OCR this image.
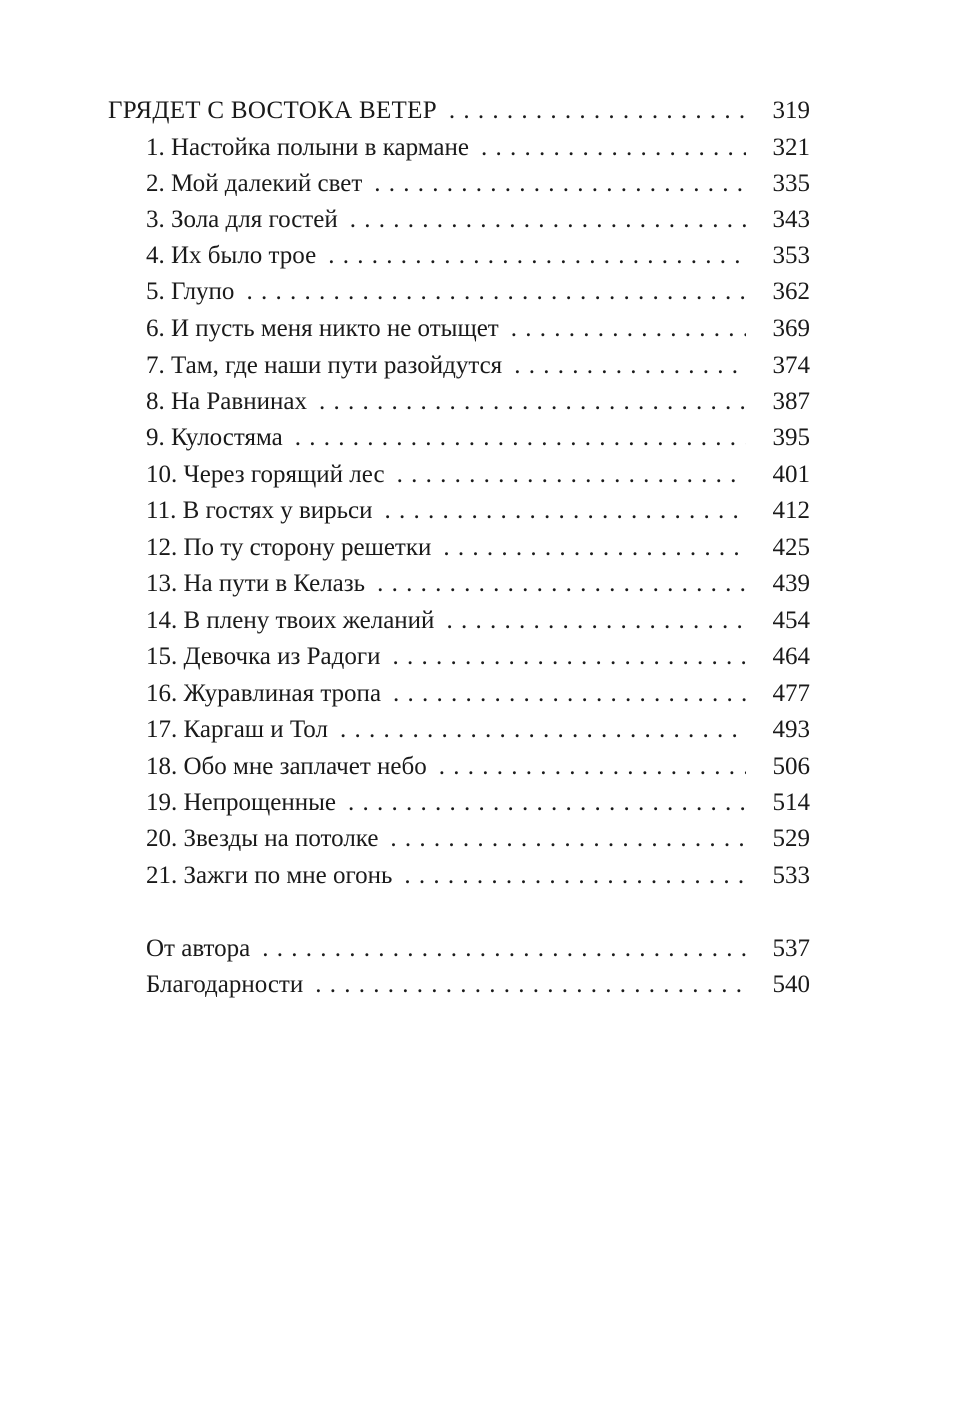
ГРЯДЕТ С ВОСТОКА ВЕТЕР . . .	319
1. Настойка полыни в кармане . . .	321
2. Мой далекий свет . . .	335
3. Зола для гостей . . .	343
4. Их было трое . . .	353
5. Глупо . . .	362
6. И пусть меня никто не отыщет . . .	369
7. Там, где наши пути разойдутся . . .	374
8. На Равнинах . . .	387
9. Кулостяма . . .	395
10. Через горящий лес . . .	401
11. В гостях у вирьси . . .	412
12. По ту сторону решетки . . .	425
13. На пути в Келазь . . .	439
14. В плену твоих желаний . . .	454
15. Девочка из Радоги . . .	464
16. Журавлиная тропа . . .	477
17. Каргаш и Тол . . .	493
18. Обо мне заплачет небо . . .	506
19. Непрощенные . . .	514
20. Звезды на потолке . . .	529
21. Зажги по мне огонь . . .	533
От автора . . .	537
Благодарности . . .	540
